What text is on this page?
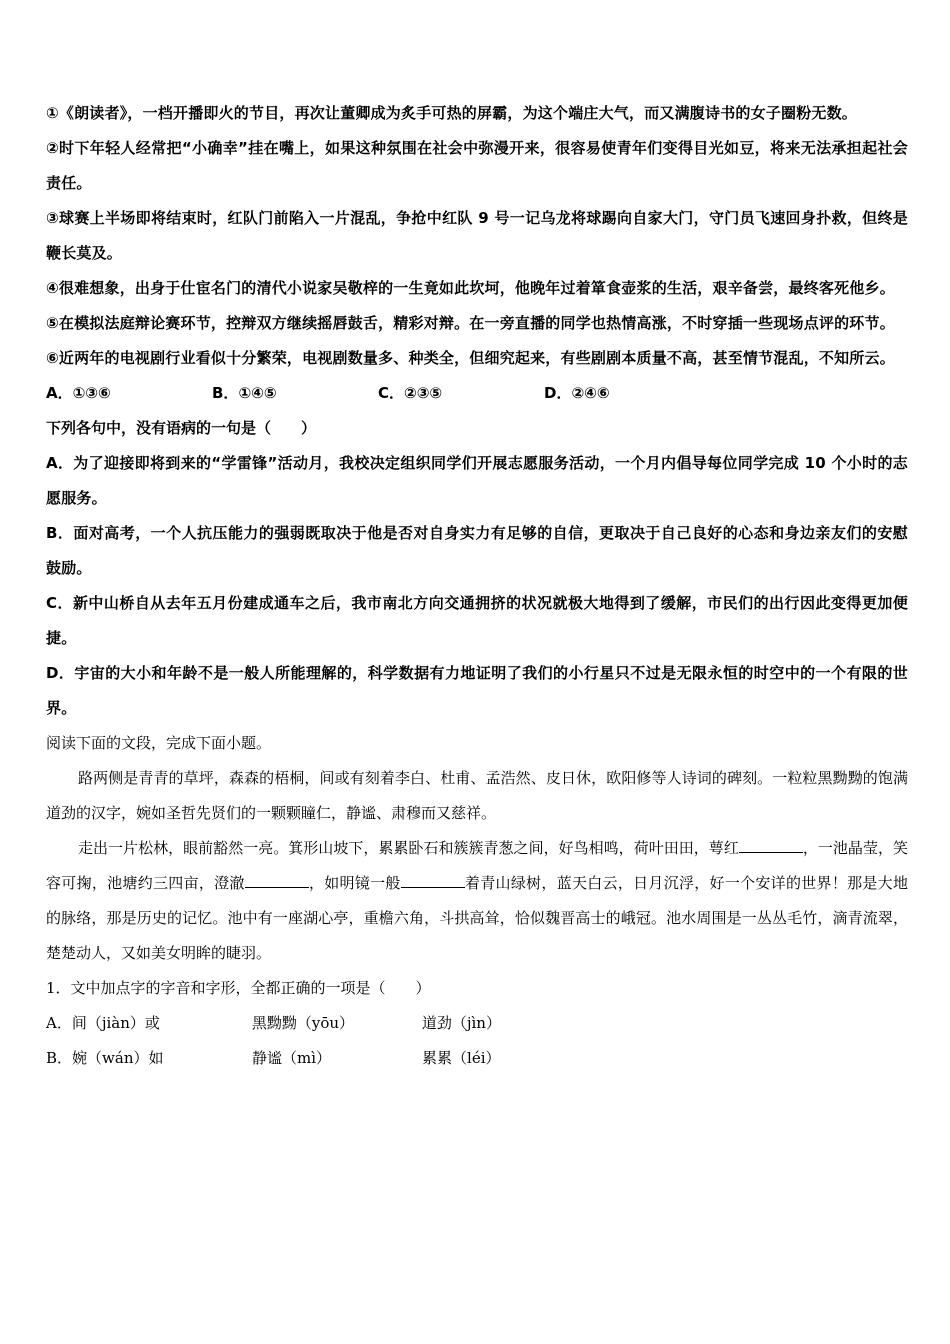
①《朗读者》，一档开播即火的节目，再次让董卿成为炙手可热的屏霸，为这个端庄大气，而又满腹诗书的女子圈粉无数。

②时下年轻人经常把“小确幸”挂在嘴上，如果这种氛围在社会中弥漫开来，很容易使青年们变得目光如豆，将来无法承担起社会责任。

③球赛上半场即将结束时，红队门前陷入一片混乱，争抢中红队 9 号一记乌龙将球踢向自家大门，守门员飞速回身扑救，但终是鞭长莫及。

④很难想象，出身于仕宦名门的清代小说家吴敬梓的一生竟如此坎坷，他晚年过着箪食壶浆的生活，艰辛备尝，最终客死他乡。

⑤在模拟法庭辩论赛环节，控辩双方继续摇唇鼓舌，精彩对辩。在一旁直播的同学也热情高涨，不时穿插一些现场点评的环节。

⑥近两年的电视剧行业看似十分繁荣，电视剧数量多、种类全，但细究起来，有些剧剧本质量不高，甚至情节混乱，不知所云。

A．①③⑥	B．①④⑤	C．②③⑤	D．②④⑥

下列各句中，没有语病的一句是（　　）

A．为了迎接即将到来的“学雷锋”活动月，我校决定组织同学们开展志愿服务活动，一个月内倡导每位同学完成 10 个小时的志愿服务。

B．面对高考，一个人抗压能力的强弱既取决于他是否对自身实力有足够的自信，更取决于自己良好的心态和身边亲友们的安慰鼓励。

C．新中山桥自从去年五月份建成通车之后，我市南北方向交通拥挤的状况就极大地得到了缓解，市民们的出行因此变得更加便捷。

D．宇宙的大小和年龄不是一般人所能理解的，科学数据有力地证明了我们的小行星只不过是无限永恒的时空中的一个有限的世界。

阅读下面的文段，完成下面小题。

路两侧是青青的草坪，森森的梧桐，间或有刻着李白、杜甫、孟浩然、皮日休，欧阳修等人诗词的碑刻。一粒粒黑黝黝的饱满道劲的汉字，婉如圣哲先贤们的一颗颗瞳仁，静谧、肃穆而又慈祥。

走出一片松林，眼前豁然一亮。箕形山坡下，累累卧石和簇簇青葱之间，好鸟相鸣，荷叶田田，萼红	，一池晶莹，笑容可掬，池塘约三四亩，澄澈	，如明镜一般	着青山绿树，蓝天白云，日月沉浮，好一个安详的世界！那是大地的脉络，那是历史的记忆。池中有一座湖心亭，重檐六角，斗拱高耸，恰似魏晋高士的峨冠。池水周围是一丛丛毛竹，滴青流翠，楚楚动人，又如美女明眸的睫羽。

1．文中加点字的字音和字形，全都正确的一项是（　　）

A． 间（jiàn）或	黑黝黝（yōu）	道劲（jìn）
B． 婉（wán）如	静谧（mì）	累累（léi）
